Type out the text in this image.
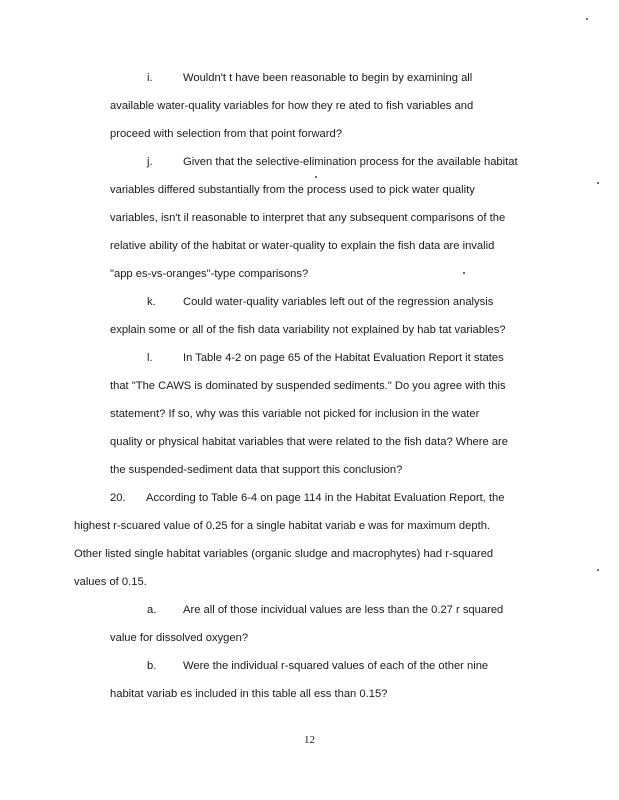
i.	Wouldn't t have been reasonable to begin by examining all
available water-quality variables for how they re ated to fish variables and
proceed with selection from that point forward?
j.	Given that the selective-elimination process for the available habitat
variables differed substantially from the process used to pick water quality
variables, isn't il reasonable to interpret that any subsequent comparisons of the
relative ability of the habitat or water-quality to explain the fish data are invalid
"app es-vs-oranges"-type comparisons?
k. Could water-quality variables left out of the regression analysis
explain some or all of the fish data variability not explained by hab tat variables?
l.	In Table 4-2 on page 65 of the Habitat Evaluation Report it states
that "The CAWS is dominated by suspended sediments." Do you agree with this
statement? If so, why was this variable not picked for inclusion in the water
quality or physical habitat variables that were related to the fish data? Where are
the suspended-sediment data that support this conclusion?
20. According to Table 6-4 on page 114 in the Habitat Evaluation Report, the
highest r-scuared value of 0.25 for a single habitat variab e was for maximum depth.
Other listed single habitat variables (organic sludge and macrophytes) had r-squared
values of 0.15.
a. Are all of those incividual values are less than the 0.27 r squared
value for dissolved oxygen?
b. Were the individual r-squared values of each of the other nine
habitat variab es included in this table all ess than 0.15?
12
